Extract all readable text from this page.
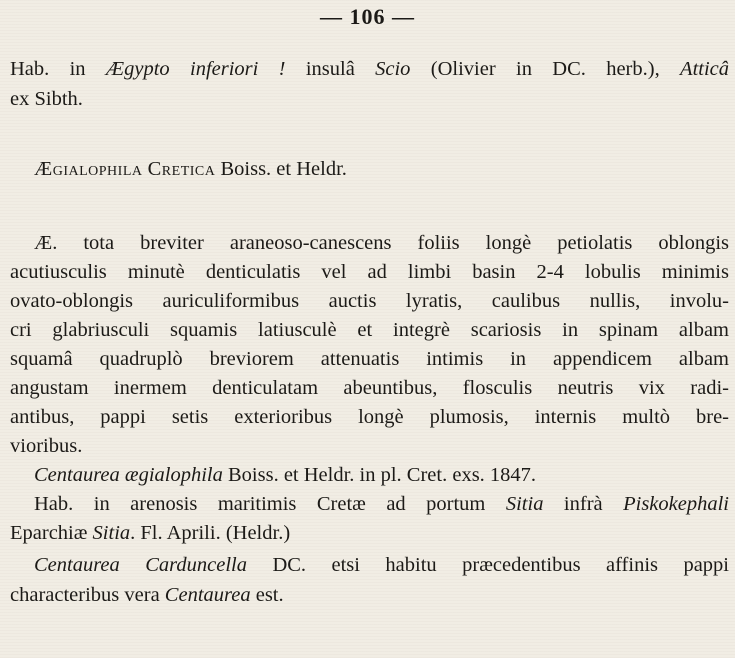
— 106 —
Hab. in Ægypto inferiori ! insulâ Scio (Olivier in DC. herb.), Atticâ
ex Sibth.
Ægialophila Cretica Boiss. et Heldr.
Æ. tota breviter araneoso-canescens foliis longè petiolatis oblongis
acutiusculis minutè denticulatis vel ad limbi basin 2-4 lobulis minimis
ovato-oblongis auriculiformibus auctis lyratis, caulibus nullis, involu-
cri glabriusculi squamis latiusculè et integrè scariosis in spinam albam
squamâ quadruplò breviorem attenuatis intimis in appendicem albam
angustam inermem denticulatam abeuntibus, flosculis neutris vix radi-
antibus, pappi setis exterioribus longè plumosis, internis multò bre-
vioribus.
Centaurea ægialophila Boiss. et Heldr. in pl. Cret. exs. 1847.
Hab. in arenosis maritimis Cretæ ad portum Sitia infrà Piskokephali
Eparchiæ Sitia. Fl. Aprili. (Heldr.)
Centaurea Carduncella DC. etsi habitu præcedentibus affinis pappi
characteribus vera Centaurea est.
